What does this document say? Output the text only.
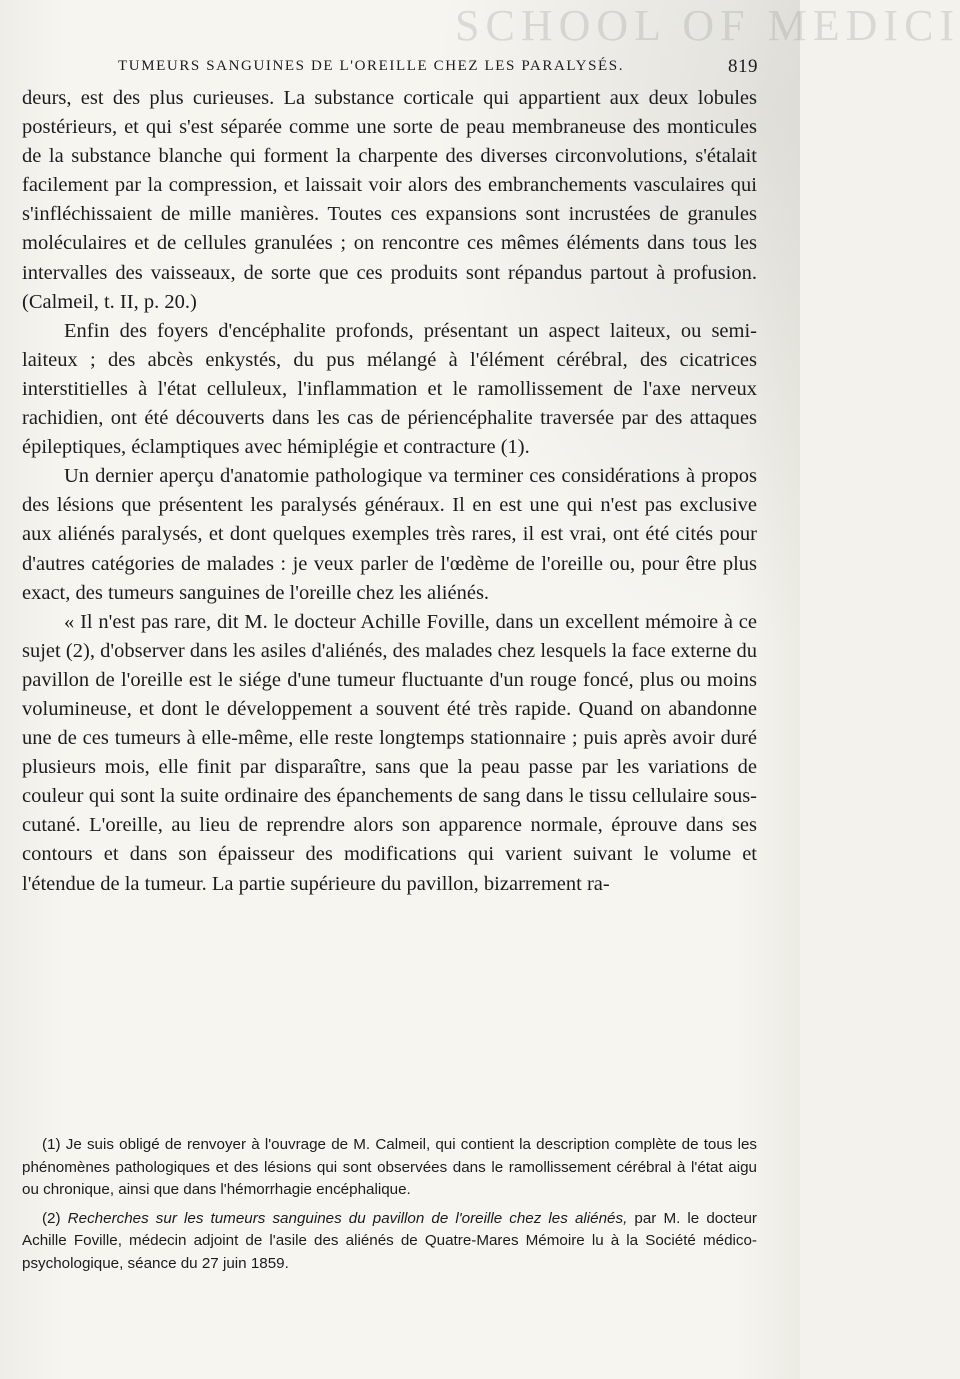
SCHOOL OF MEDICI
TUMEURS SANGUINES DE L'OREILLE CHEZ LES PARALYSÉS.	819

deurs, est des plus curieuses. La substance corticale qui appartient aux deux lobules postérieurs, et qui s'est séparée comme une sorte de peau membraneuse des monticules de la substance blanche qui forment la charpente des diverses circonvolutions, s'étalait facilement par la compression, et laissait voir alors des embranchements vasculaires qui s'infléchissaient de mille manières. Toutes ces expansions sont incrustées de granules moléculaires et de cellules granulées ; on rencontre ces mêmes éléments dans tous les intervalles des vaisseaux, de sorte que ces produits sont répandus partout à profusion. (Calmeil, t. II, p. 20.)

Enfin des foyers d'encéphalite profonds, présentant un aspect laiteux, ou semi-laiteux ; des abcès enkystés, du pus mélangé à l'élément cérébral, des cicatrices interstitielles à l'état celluleux, l'inflammation et le ramollissement de l'axe nerveux rachidien, ont été découverts dans les cas de périencéphalite traversée par des attaques épileptiques, éclamptiques avec hémiplégie et contracture (1).

Un dernier aperçu d'anatomie pathologique va terminer ces considérations à propos des lésions que présentent les paralysés généraux. Il en est une qui n'est pas exclusive aux aliénés paralysés, et dont quelques exemples très rares, il est vrai, ont été cités pour d'autres catégories de malades : je veux parler de l'œdème de l'oreille ou, pour être plus exact, des tumeurs sanguines de l'oreille chez les aliénés.

« Il n'est pas rare, dit M. le docteur Achille Foville, dans un excellent mémoire à ce sujet (2), d'observer dans les asiles d'aliénés, des malades chez lesquels la face externe du pavillon de l'oreille est le siége d'une tumeur fluctuante d'un rouge foncé, plus ou moins volumineuse, et dont le développement a souvent été très rapide. Quand on abandonne une de ces tumeurs à elle-même, elle reste longtemps stationnaire ; puis après avoir duré plusieurs mois, elle finit par disparaître, sans que la peau passe par les variations de couleur qui sont la suite ordinaire des épanchements de sang dans le tissu cellulaire sous-cutané. L'oreille, au lieu de reprendre alors son apparence normale, éprouve dans ses contours et dans son épaisseur des modifications qui varient suivant le volume et l'étendue de la tumeur. La partie supérieure du pavillon, bizarrement ra-

(1) Je suis obligé de renvoyer à l'ouvrage de M. Calmeil, qui contient la description complète de tous les phénomènes pathologiques et des lésions qui sont observées dans le ramollissement cérébral à l'état aigu ou chronique, ainsi que dans l'hémorrhagie encéphalique.

(2) Recherches sur les tumeurs sanguines du pavillon de l'oreille chez les aliénés, par M. le docteur Achille Foville, médecin adjoint de l'asile des aliénés de Quatre-Mares Mémoire lu à la Société médico-psychologique, séance du 27 juin 1859.
